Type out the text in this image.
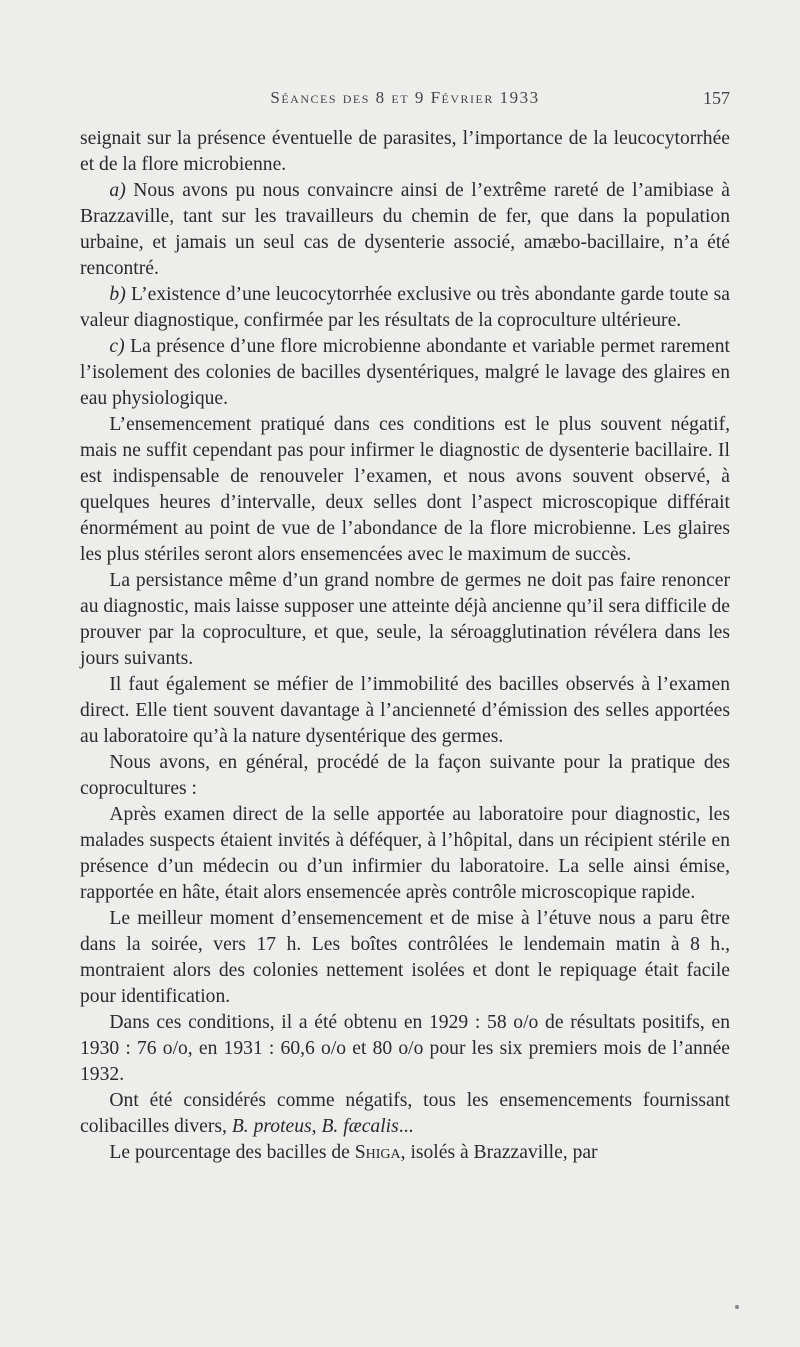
Séances des 8 et 9 Février 1933	157

seignait sur la présence éventuelle de parasites, l’importance de la leucocytorrhée et de la flore microbienne.

a) Nous avons pu nous convaincre ainsi de l’extrême rareté de l’amibiase à Brazzaville, tant sur les travailleurs du chemin de fer, que dans la population urbaine, et jamais un seul cas de dysenterie associé, amæbo-bacillaire, n’a été rencontré.

b) L’existence d’une leucocytorrhée exclusive ou très abondante garde toute sa valeur diagnostique, confirmée par les résultats de la coproculture ultérieure.

c) La présence d’une flore microbienne abondante et variable permet rarement l’isolement des colonies de bacilles dysentériques, malgré le lavage des glaires en eau physiologique.

L’ensemencement pratiqué dans ces conditions est le plus souvent négatif, mais ne suffit cependant pas pour infirmer le diagnostic de dysenterie bacillaire. Il est indispensable de renouveler l’examen, et nous avons souvent observé, à quelques heures d’intervalle, deux selles dont l’aspect microscopique différait énormément au point de vue de l’abondance de la flore microbienne. Les glaires les plus stériles seront alors ensemencées avec le maximum de succès.

La persistance même d’un grand nombre de germes ne doit pas faire renoncer au diagnostic, mais laisse supposer une atteinte déjà ancienne qu’il sera difficile de prouver par la coproculture, et que, seule, la séroagglutination révélera dans les jours suivants.

Il faut également se méfier de l’immobilité des bacilles observés à l’examen direct. Elle tient souvent davantage à l’ancienneté d’émission des selles apportées au laboratoire qu’à la nature dysentérique des germes.

Nous avons, en général, procédé de la façon suivante pour la pratique des coprocultures :

Après examen direct de la selle apportée au laboratoire pour diagnostic, les malades suspects étaient invités à déféquer, à l’hôpital, dans un récipient stérile en présence d’un médecin ou d’un infirmier du laboratoire. La selle ainsi émise, rapportée en hâte, était alors ensemencée après contrôle microscopique rapide.

Le meilleur moment d’ensemencement et de mise à l’étuve nous a paru être dans la soirée, vers 17 h. Les boîtes contrôlées le lendemain matin à 8 h., montraient alors des colonies nettement isolées et dont le repiquage était facile pour identification.

Dans ces conditions, il a été obtenu en 1929 : 58 o/o de résultats positifs, en 1930 : 76 o/o, en 1931 : 60,6 o/o et 80 o/o pour les six premiers mois de l’année 1932.

Ont été considérés comme négatifs, tous les ensemencements fournissant colibacilles divers, B. proteus, B. fæcalis...

Le pourcentage des bacilles de Shiga, isolés à Brazzaville, par
